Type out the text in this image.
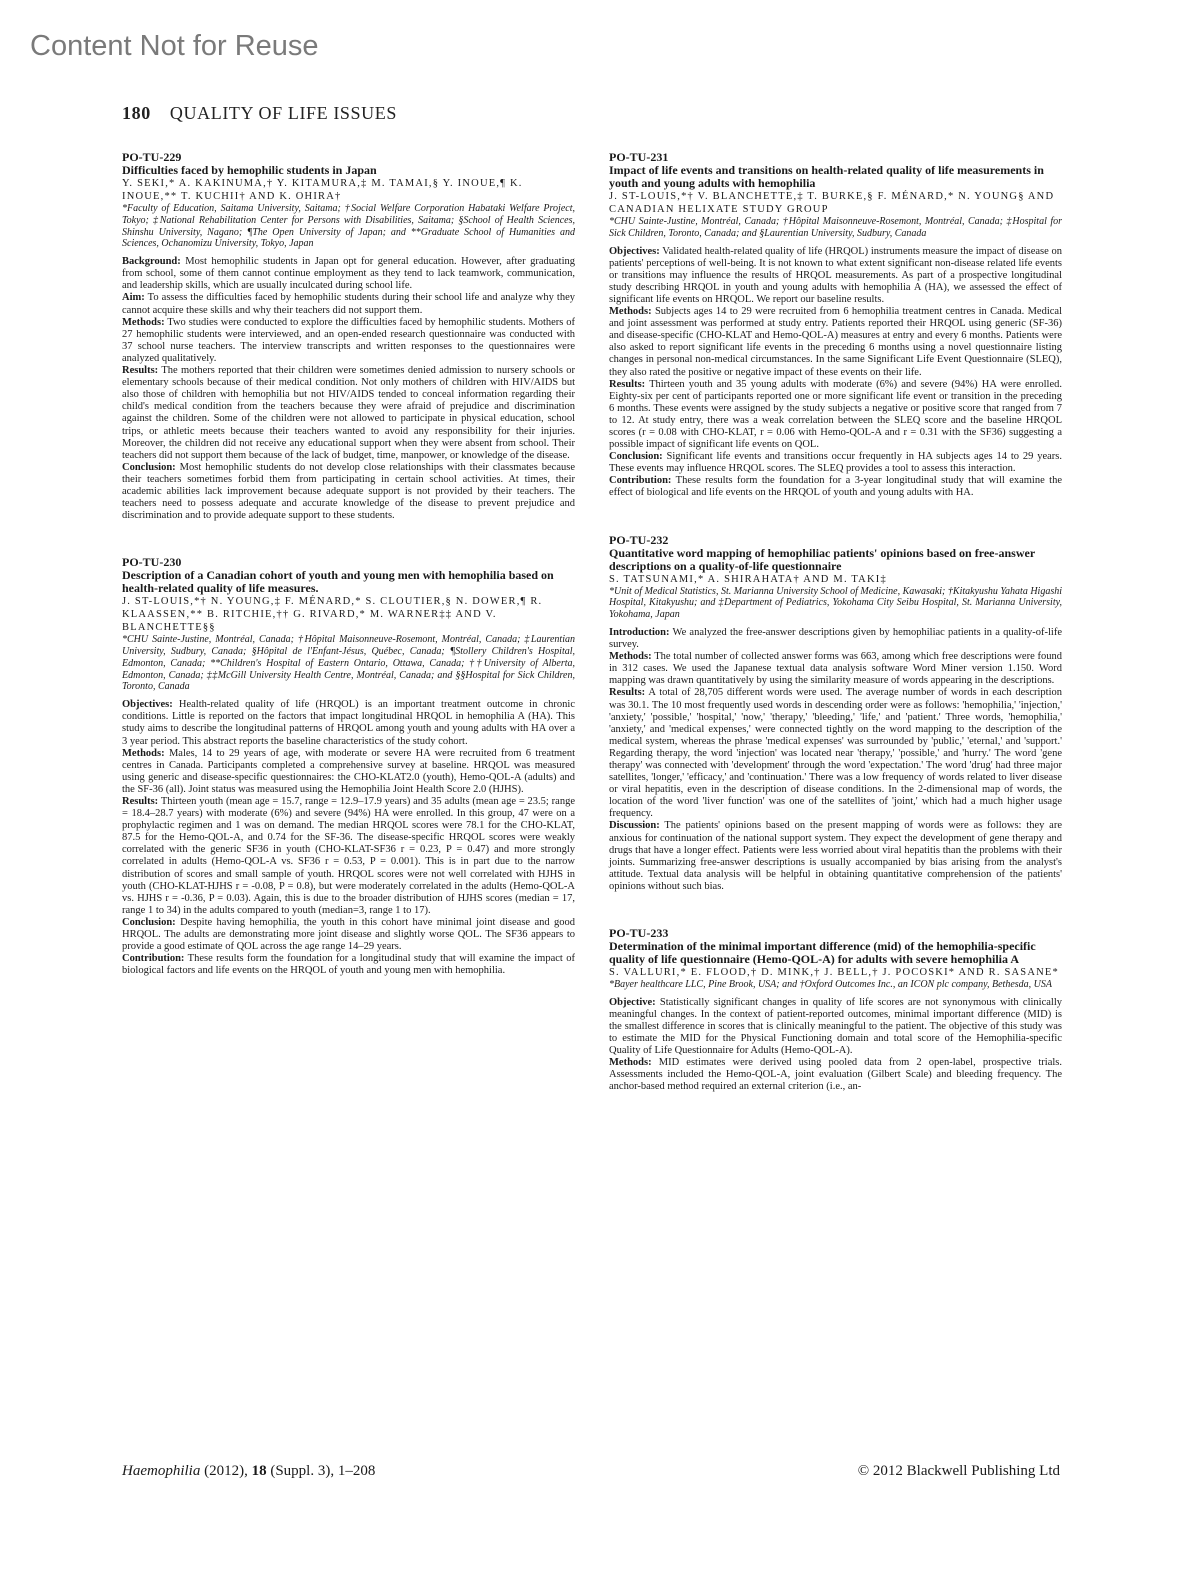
Content Not for Reuse
180 QUALITY OF LIFE ISSUES
PO-TU-229
Difficulties faced by hemophilic students in Japan
Y. SEKI,* A. KAKINUMA,† Y. KITAMURA,‡ M. TAMAI,§ Y. INOUE,¶ K. INOUE,** T. KUCHII† AND K. OHIRA†
*Faculty of Education, Saitama University, Saitama; †Social Welfare Corporation Habataki Welfare Project, Tokyo; ‡National Rehabilitation Center for Persons with Disabilities, Saitama; §School of Health Sciences, Shinshu University, Nagano; ¶The Open University of Japan; and **Graduate School of Humanities and Sciences, Ochanomizu University, Tokyo, Japan

Background: Most hemophilic students in Japan opt for general education. However, after graduating from school, some of them cannot continue employment as they tend to lack teamwork, communication, and leadership skills, which are usually inculcated during school life.

Aim: To assess the difficulties faced by hemophilic students during their school life and analyze why they cannot acquire these skills and why their teachers did not support them.

Methods: Two studies were conducted to explore the difficulties faced by hemophilic students. Mothers of 27 hemophilic students were interviewed, and an open-ended research questionnaire was conducted with 37 school nurse teachers. The interview transcripts and written responses to the questionnaires were analyzed qualitatively.

Results: The mothers reported that their children were sometimes denied admission to nursery schools or elementary schools because of their medical condition. Not only mothers of children with HIV/AIDS but also those of children with hemophilia but not HIV/AIDS tended to conceal information regarding their child's medical condition from the teachers because they were afraid of prejudice and discrimination against the children. Some of the children were not allowed to participate in physical education, school trips, or athletic meets because their teachers wanted to avoid any responsibility for their injuries. Moreover, the children did not receive any educational support when they were absent from school. Their teachers did not support them because of the lack of budget, time, manpower, or knowledge of the disease.

Conclusion: Most hemophilic students do not develop close relationships with their classmates because their teachers sometimes forbid them from participating in certain school activities. At times, their academic abilities lack improvement because adequate support is not provided by their teachers. The teachers need to possess adequate and accurate knowledge of the disease to prevent prejudice and discrimination and to provide adequate support to these students.

PO-TU-230
Description of a Canadian cohort of youth and young men with hemophilia based on health-related quality of life measures.
J. ST-LOUIS,*† N. YOUNG,‡ F. MÉNARD,* S. CLOUTIER,§ N. DOWER,¶ R. KLAASSEN,** B. RITCHIE,†† G. RIVARD,* M. WARNER‡‡ AND V. BLANCHETTE§§
*CHU Sainte-Justine, Montréal, Canada; †Hôpital Maisonneuve-Rosemont, Montréal, Canada; ‡Laurentian University, Sudbury, Canada; §Hôpital de l'Enfant-Jésus, Québec, Canada; ¶Stollery Children's Hospital, Edmonton, Canada; **Children's Hospital of Eastern Ontario, Ottawa, Canada; ††University of Alberta, Edmonton, Canada; ‡‡McGill University Health Centre, Montréal, Canada; and §§Hospital for Sick Children, Toronto, Canada

Objectives: Health-related quality of life (HRQOL) is an important treatment outcome in chronic conditions. Little is reported on the factors that impact longitudinal HRQOL in hemophilia A (HA). This study aims to describe the longitudinal patterns of HRQOL among youth and young adults with HA over a 3 year period. This abstract reports the baseline characteristics of the study cohort.

Methods: Males, 14 to 29 years of age, with moderate or severe HA were recruited from 6 treatment centres in Canada. Participants completed a comprehensive survey at baseline. HRQOL was measured using generic and disease-specific questionnaires: the CHO-KLAT2.0 (youth), Hemo-QOL-A (adults) and the SF-36 (all). Joint status was measured using the Hemophilia Joint Health Score 2.0 (HJHS).

Results: Thirteen youth (mean age = 15.7, range = 12.9–17.9 years) and 35 adults (mean age = 23.5; range = 18.4–28.7 years) with moderate (6%) and severe (94%) HA were enrolled. In this group, 47 were on a prophylactic regimen and 1 was on demand. The median HRQOL scores were 78.1 for the CHO-KLAT, 87.5 for the Hemo-QOL-A, and 0.74 for the SF-36. The disease-specific HRQOL scores were weakly correlated with the generic SF36 in youth (CHO-KLAT-SF36 r = 0.23, P = 0.47) and more strongly correlated in adults (Hemo-QOL-A vs. SF36 r = 0.53, P = 0.001). This is in part due to the narrow distribution of scores and small sample of youth. HRQOL scores were not well correlated with HJHS in youth (CHO-KLAT-HJHS r = -0.08, P = 0.8), but were moderately correlated in the adults (Hemo-QOL-A vs. HJHS r = -0.36, P = 0.03). Again, this is due to the broader distribution of HJHS scores (median = 17, range 1 to 34) in the adults compared to youth (median=3, range 1 to 17).

Conclusion: Despite having hemophilia, the youth in this cohort have minimal joint disease and good HRQOL. The adults are demonstrating more joint disease and slightly worse QOL. The SF36 appears to provide a good estimate of QOL across the age range 14–29 years.

Contribution: These results form the foundation for a longitudinal study that will examine the impact of biological factors and life events on the HRQOL of youth and young men with hemophilia.

PO-TU-231
Impact of life events and transitions on health-related quality of life measurements in youth and young adults with hemophilia
J. ST-LOUIS,*† V. BLANCHETTE,‡ T. BURKE,§ F. MÉNARD,* N. YOUNG§ AND CANADIAN HELIXATE STUDY GROUP
*CHU Sainte-Justine, Montréal, Canada; †Hôpital Maisonneuve-Rosemont, Montréal, Canada; ‡Hospital for Sick Children, Toronto, Canada; and §Laurentian University, Sudbury, Canada

Objectives: Validated health-related quality of life (HRQOL) instruments measure the impact of disease on patients' perceptions of well-being. It is not known to what extent significant non-disease related life events or transitions may influence the results of HRQOL measurements. As part of a prospective longitudinal study describing HRQOL in youth and young adults with hemophilia A (HA), we assessed the effect of significant life events on HRQOL. We report our baseline results.

Methods: Subjects ages 14 to 29 were recruited from 6 hemophilia treatment centres in Canada. Medical and joint assessment was performed at study entry. Patients reported their HRQOL using generic (SF-36) and disease-specific (CHO-KLAT and Hemo-QOL-A) measures at entry and every 6 months. Patients were also asked to report significant life events in the preceding 6 months using a novel questionnaire listing changes in personal non-medical circumstances. In the same Significant Life Event Questionnaire (SLEQ), they also rated the positive or negative impact of these events on their life.

Results: Thirteen youth and 35 young adults with moderate (6%) and severe (94%) HA were enrolled. Eighty-six per cent of participants reported one or more significant life event or transition in the preceding 6 months. These events were assigned by the study subjects a negative or positive score that ranged from 7 to 12. At study entry, there was a weak correlation between the SLEQ score and the baseline HRQOL scores (r = 0.08 with CHO-KLAT, r = 0.06 with Hemo-QOL-A and r = 0.31 with the SF36) suggesting a possible impact of significant life events on QOL.

Conclusion: Significant life events and transitions occur frequently in HA subjects ages 14 to 29 years. These events may influence HRQOL scores. The SLEQ provides a tool to assess this interaction.

Contribution: These results form the foundation for a 3-year longitudinal study that will examine the effect of biological and life events on the HRQOL of youth and young adults with HA.

PO-TU-232
Quantitative word mapping of hemophiliac patients' opinions based on free-answer descriptions on a quality-of-life questionnaire
S. TATSUNAMI,* A. SHIRAHATA† AND M. TAKI‡
*Unit of Medical Statistics, St. Marianna University School of Medicine, Kawasaki; †Kitakyushu Yahata Higashi Hospital, Kitakyushu; and ‡Department of Pediatrics, Yokohama City Seibu Hospital, St. Marianna University, Yokohama, Japan

Introduction: We analyzed the free-answer descriptions given by hemophiliac patients in a quality-of-life survey.

Methods: The total number of collected answer forms was 663, among which free descriptions were found in 312 cases. We used the Japanese textual data analysis software Word Miner version 1.150. Word mapping was drawn quantitatively by using the similarity measure of words appearing in the descriptions.

Results: A total of 28,705 different words were used. The average number of words in each description was 30.1. The 10 most frequently used words in descending order were as follows: 'hemophilia,' 'injection,' 'anxiety,' 'possible,' 'hospital,' 'now,' 'therapy,' 'bleeding,' 'life,' and 'patient.' Three words, 'hemophilia,' 'anxiety,' and 'medical expenses,' were connected tightly on the word mapping to the description of the medical system, whereas the phrase 'medical expenses' was surrounded by 'public,' 'eternal,' and 'support.' Regarding therapy, the word 'injection' was located near 'therapy,' 'possible,' and 'hurry.' The word 'gene therapy' was connected with 'development' through the word 'expectation.' The word 'drug' had three major satellites, 'longer,' 'efficacy,' and 'continuation.' There was a low frequency of words related to liver disease or viral hepatitis, even in the description of disease conditions. In the 2-dimensional map of words, the location of the word 'liver function' was one of the satellites of 'joint,' which had a much higher usage frequency.

Discussion: The patients' opinions based on the present mapping of words were as follows: they are anxious for continuation of the national support system. They expect the development of gene therapy and drugs that have a longer effect. Patients were less worried about viral hepatitis than the problems with their joints. Summarizing free-answer descriptions is usually accompanied by bias arising from the analyst's attitude. Textual data analysis will be helpful in obtaining quantitative comprehension of the patients' opinions without such bias.

PO-TU-233
Determination of the minimal important difference (mid) of the hemophilia-specific quality of life questionnaire (Hemo-QOL-A) for adults with severe hemophilia A
S. VALLURI,* E. FLOOD,† D. MINK,† J. BELL,† J. POCOSKI* AND R. SASANE*
*Bayer healthcare LLC, Pine Brook, USA; and †Oxford Outcomes Inc., an ICON plc company, Bethesda, USA

Objective: Statistically significant changes in quality of life scores are not synonymous with clinically meaningful changes. In the context of patient-reported outcomes, minimal important difference (MID) is the smallest difference in scores that is clinically meaningful to the patient. The objective of this study was to estimate the MID for the Physical Functioning domain and total score of the Hemophilia-specific Quality of Life Questionnaire for Adults (Hemo-QOL-A).

Methods: MID estimates were derived using pooled data from 2 open-label, prospective trials. Assessments included the Hemo-QOL-A, joint evaluation (Gilbert Scale) and bleeding frequency. The anchor-based method required an external criterion (i.e., an-

Haemophilia (2012), 18 (Suppl. 3), 1–208	© 2012 Blackwell Publishing Ltd
